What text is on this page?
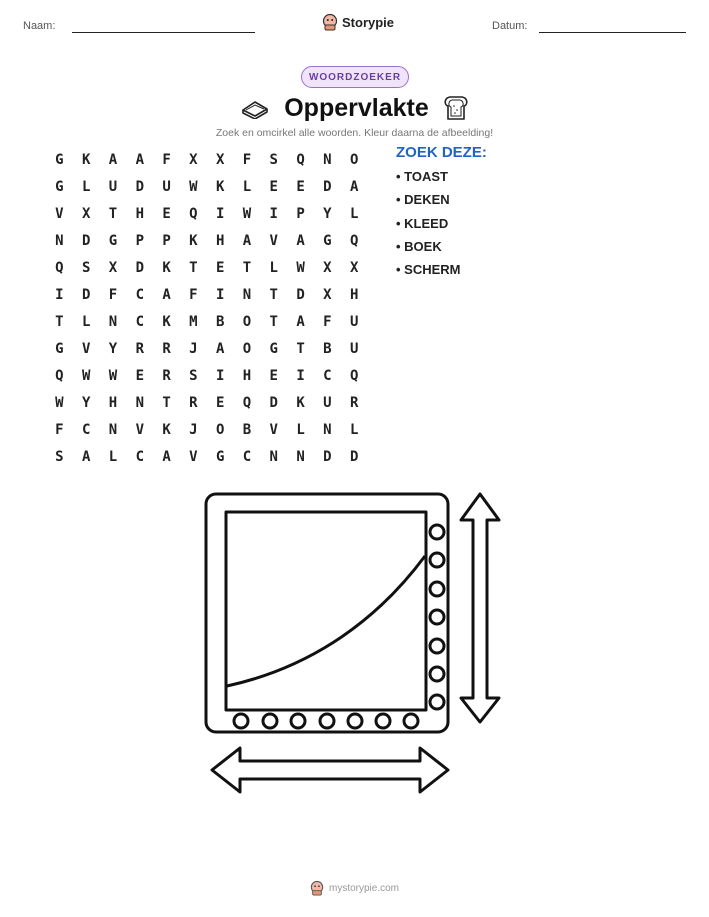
Naam:	Storypie	Datum:
WOORDZOEKER
Oppervlakte
Zoek en omcirkel alle woorden. Kleur daarna de afbeelding!
G	K	A	A	F	X	X	F	S	Q	N	O
G	L	U	D	U	W	K	L	E	E	D	A
V	X	T	H	E	Q	I	W	I	P	Y	L
N	D	G	P	P	K	H	A	V	A	G	Q
Q	S	X	D	K	T	E	T	L	W	X	X
I	D	F	C	A	F	I	N	T	D	X	H
T	L	N	C	K	M	B	O	T	A	F	U
G	V	Y	R	R	J	A	O	G	T	B	U
Q	W	W	E	R	S	I	H	E	I	C	Q
W	Y	H	N	T	R	E	Q	D	K	U	R
F	C	N	V	K	J	O	B	V	L	N	L
S	A	L	C	A	V	G	C	N	N	D	D
ZOEK DEZE:
• TOAST
• DEKEN
• KLEED
• BOEK
• SCHERM
mystorypie.com
